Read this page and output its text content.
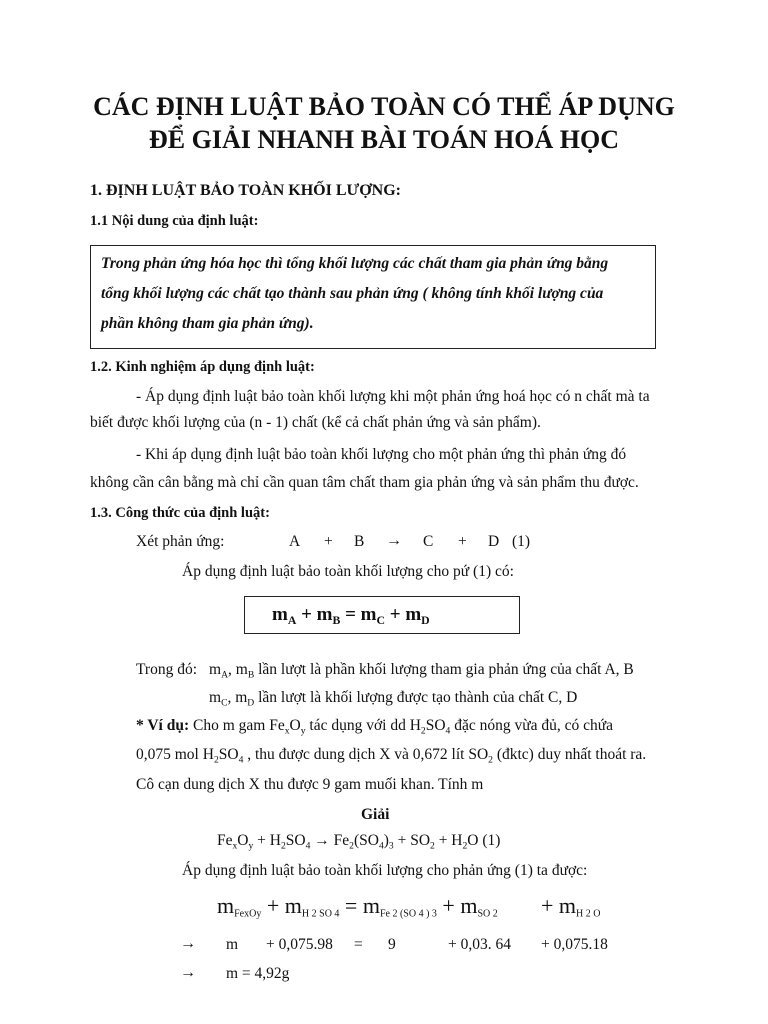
CÁC ĐỊNH LUẬT BẢO TOÀN CÓ THỂ ÁP DỤNG
ĐỂ GIẢI NHANH BÀI TOÁN HOÁ HỌC
1. ĐỊNH LUẬT BẢO TOÀN KHỐI LƯỢNG:
1.1 Nội dung của định luật:

Trong phản ứng hóa học thì tổng khối lượng các chất tham gia phản ứng bằng

tổng khối lượng các chất tạo thành sau phản ứng ( không tính khối lượng của

phần không tham gia phản ứng).

1.2. Kinh nghiệm áp dụng định luật:
- Áp dụng định luật bảo toàn khối lượng khi một phản ứng hoá học có n chất mà ta
biết được khối lượng của (n - 1) chất (kể cả chất phản ứng và sản phẩm).
- Khi áp dụng định luật bảo toàn khối lượng cho một phản ứng thì phản ứng đó
không cần cân bằng mà chỉ cần quan tâm chất tham gia phản ứng và sản phẩm thu được.
1.3. Công thức của định luật:
Xét phản ứng:	A + B → C + D (1)
Áp dụng định luật bảo toàn khối lượng cho pứ (1) có:
$m_A + m_B = m_C + m_D$
Trong đó: $m_A$, $m_B$ lần lượt là phần khối lượng tham gia phản ứng của chất A, B
$m_C$, $m_D$ lần lượt là khối lượng được tạo thành của chất C, D
* Ví dụ: Cho m gam $Fe_xO_y$ tác dụng với dd $H_2SO_4$ đặc nóng vừa đủ, có chứa
0,075 mol $H_2SO_4$ , thu được dung dịch X và 0,672 lít $SO_2$ (đktc) duy nhất thoát ra.
Cô cạn dung dịch X thu được 9 gam muối khan. Tính m
Giải
$Fe_xO_y + H_2SO_4 \to Fe_2(SO_4)_3 + SO_2 + H_2O$ (1)
Áp dụng định luật bảo toàn khối lượng cho phản ứng (1) ta được:
$m_{FexOy} + m_{H 2 SO 4} = m_{Fe 2 (SO 4 ) 3} + m_{SO 2} + m_{H 2 O}$
→ m + 0,075.98 = 9	+ 0,03. 64 + 0,075.18
→ m = 4,92g
